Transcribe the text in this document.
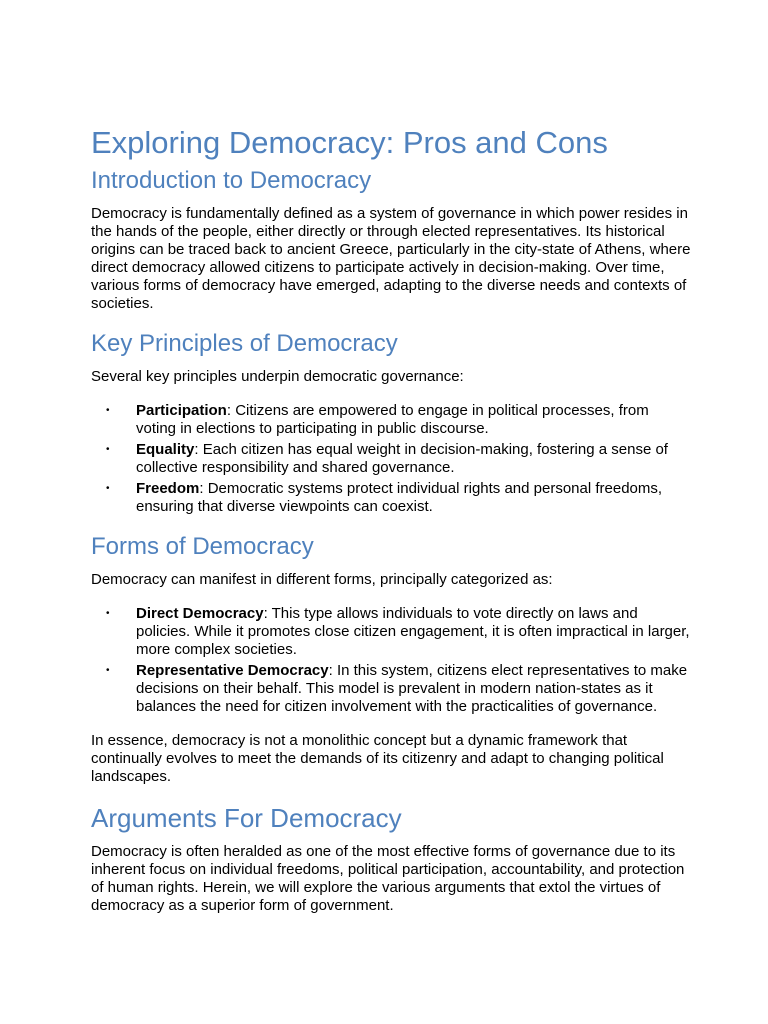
Exploring Democracy: Pros and Cons
Introduction to Democracy

Democracy is fundamentally defined as a system of governance in which power resides in the hands of the people, either directly or through elected representatives. Its historical origins can be traced back to ancient Greece, particularly in the city-state of Athens, where direct democracy allowed citizens to participate actively in decision-making. Over time, various forms of democracy have emerged, adapting to the diverse needs and contexts of societies.

Key Principles of Democracy

Several key principles underpin democratic governance:

• Participation: Citizens are empowered to engage in political processes, from voting in elections to participating in public discourse.
• Equality: Each citizen has equal weight in decision-making, fostering a sense of collective responsibility and shared governance.
• Freedom: Democratic systems protect individual rights and personal freedoms, ensuring that diverse viewpoints can coexist.
Forms of Democracy

Democracy can manifest in different forms, principally categorized as:

• Direct Democracy: This type allows individuals to vote directly on laws and policies. While it promotes close citizen engagement, it is often impractical in larger, more complex societies.
• Representative Democracy: In this system, citizens elect representatives to make decisions on their behalf. This model is prevalent in modern nation-states as it balances the need for citizen involvement with the practicalities of governance.

In essence, democracy is not a monolithic concept but a dynamic framework that continually evolves to meet the demands of its citizenry and adapt to changing political landscapes.

Arguments For Democracy

Democracy is often heralded as one of the most effective forms of governance due to its inherent focus on individual freedoms, political participation, accountability, and protection of human rights. Herein, we will explore the various arguments that extol the virtues of democracy as a superior form of government.
